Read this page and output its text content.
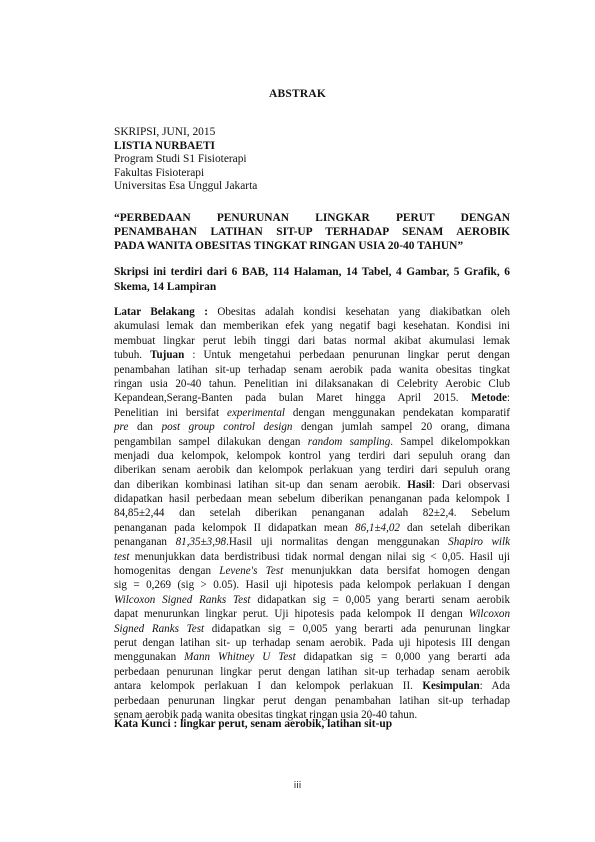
ABSTRAK
SKRIPSI, JUNI, 2015
LISTIA NURBAETI
Program Studi S1 Fisioterapi
Fakultas Fisioterapi
Universitas Esa Unggul Jakarta
“PERBEDAAN PENURUNAN LINGKAR PERUT DENGAN
PENAMBAHAN LATIHAN SIT-UP TERHADAP SENAM AEROBIK
PADA WANITA OBESITAS TINGKAT RINGAN USIA 20-40 TAHUN”
Skripsi ini terdiri dari 6 BAB, 114 Halaman, 14 Tabel, 4 Gambar, 5 Grafik, 6
Skema, 14 Lampiran
Latar Belakang : Obesitas adalah kondisi kesehatan yang diakibatkan oleh
akumulasi lemak dan memberikan efek yang negatif bagi kesehatan. Kondisi ini
membuat lingkar perut lebih tinggi dari batas normal akibat akumulasi lemak
tubuh. Tujuan : Untuk mengetahui perbedaan penurunan lingkar perut dengan
penambahan latihan sit-up terhadap senam aerobik pada wanita obesitas tingkat
ringan usia 20-40 tahun. Penelitian ini dilaksanakan di Celebrity Aerobic Club
Kepandean,Serang-Banten pada bulan Maret hingga April 2015. Metode:
Penelitian ini bersifat experimental dengan menggunakan pendekatan komparatif
pre dan post group control design dengan jumlah sampel 20 orang, dimana
pengambilan sampel dilakukan dengan random sampling. Sampel dikelompokkan
menjadi dua kelompok, kelompok kontrol yang terdiri dari sepuluh orang dan
diberikan senam aerobik dan kelompok perlakuan yang terdiri dari sepuluh orang
dan diberikan kombinasi latihan sit-up dan senam aerobik. Hasil: Dari observasi
didapatkan hasil perbedaan mean sebelum diberikan penanganan pada kelompok I
84,85±2,44 dan setelah diberikan penanganan adalah 82±2,4. Sebelum
penanganan pada kelompok II didapatkan mean 86,1±4,02 dan setelah diberikan
penanganan 81,35±3,98.Hasil uji normalitas dengan menggunakan Shapiro wilk
test menunjukkan data berdistribusi tidak normal dengan nilai sig < 0,05. Hasil uji
homogenitas dengan Levene's Test menunjukkan data bersifat homogen dengan
sig = 0,269 (sig > 0.05). Hasil uji hipotesis pada kelompok perlakuan I dengan
Wilcoxon Signed Ranks Test didapatkan sig = 0,005 yang berarti senam aerobik
dapat menurunkan lingkar perut. Uji hipotesis pada kelompok II dengan Wilcoxon
Signed Ranks Test didapatkan sig = 0,005 yang berarti ada penurunan lingkar
perut dengan latihan sit- up terhadap senam aerobik. Pada uji hipotesis III dengan
menggunakan Mann Whitney U Test didapatkan sig = 0,000 yang berarti ada
perbedaan penurunan lingkar perut dengan latihan sit-up terhadap senam aerobik
antara kelompok perlakuan I dan kelompok perlakuan II. Kesimpulan: Ada
perbedaan penurunan lingkar perut dengan penambahan latihan sit-up terhadap
senam aerobik pada wanita obesitas tingkat ringan usia 20-40 tahun.
Kata Kunci : lingkar perut, senam aerobik, latihan sit-up
iii
